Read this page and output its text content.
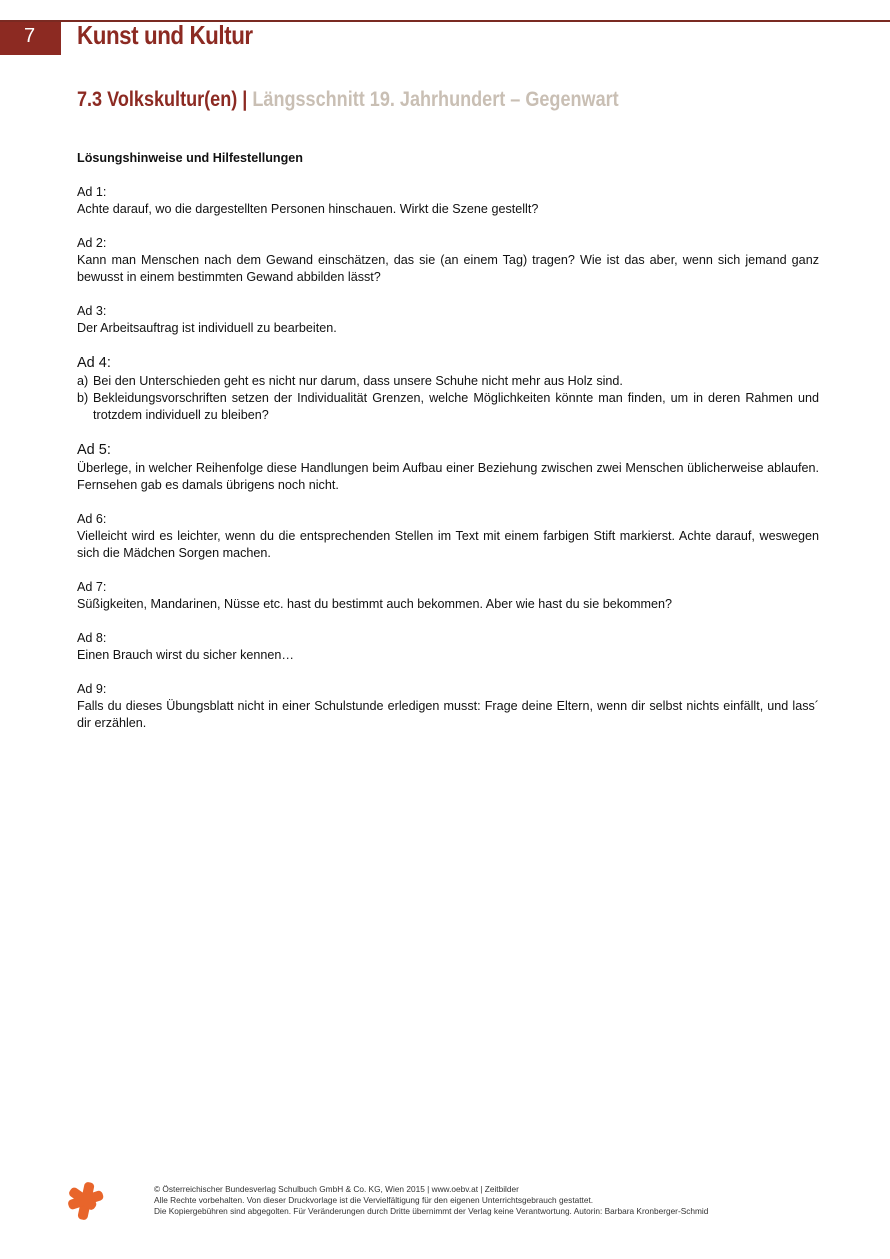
7	Kunst und Kultur
7.3 Volkskultur(en) | Längsschnitt 19. Jahrhundert – Gegenwart
Lösungshinweise und Hilfestellungen
Ad 1:

Achte darauf, wo die dargestellten Personen hinschauen. Wirkt die Szene gestellt?

Ad 2:

Kann man Menschen nach dem Gewand einschätzen, das sie (an einem Tag) tragen? Wie ist das aber, wenn sich jemand ganz bewusst in einem bestimmten Gewand abbilden lässt?

Ad 3:

Der Arbeitsauftrag ist individuell zu bearbeiten.

Ad 4:
a) Bei den Unterschieden geht es nicht nur darum, dass unsere Schuhe nicht mehr aus Holz sind.
b) Bekleidungsvorschriften setzen der Individualität Grenzen, welche Möglichkeiten könnte man finden, um in deren Rahmen und trotzdem individuell zu bleiben?
Ad 5:

Überlege, in welcher Reihenfolge diese Handlungen beim Aufbau einer Beziehung zwischen zwei Menschen üblicherweise ablaufen. Fernsehen gab es damals übrigens noch nicht.

Ad 6:

Vielleicht wird es leichter, wenn du die entsprechenden Stellen im Text mit einem farbigen Stift markierst. Achte darauf, weswegen sich die Mädchen Sorgen machen.

Ad 7:

Süßigkeiten, Mandarinen, Nüsse etc. hast du bestimmt auch bekommen. Aber wie hast du sie bekommen?

Ad 8:

Einen Brauch wirst du sicher kennen…

Ad 9:

Falls du dieses Übungsblatt nicht in einer Schulstunde erledigen musst: Frage deine Eltern, wenn dir selbst nichts einfällt, und lass´ dir erzählen.

© Österreichischer Bundesverlag Schulbuch GmbH & Co. KG, Wien 2015 | www.oebv.at | Zeitbilder
Alle Rechte vorbehalten. Von dieser Druckvorlage ist die Vervielfältigung für den eigenen Unterrichtsgebrauch gestattet.
Die Kopiergebühren sind abgegolten. Für Veränderungen durch Dritte übernimmt der Verlag keine Verantwortung. Autorin: Barbara Kronberger-Schmid
